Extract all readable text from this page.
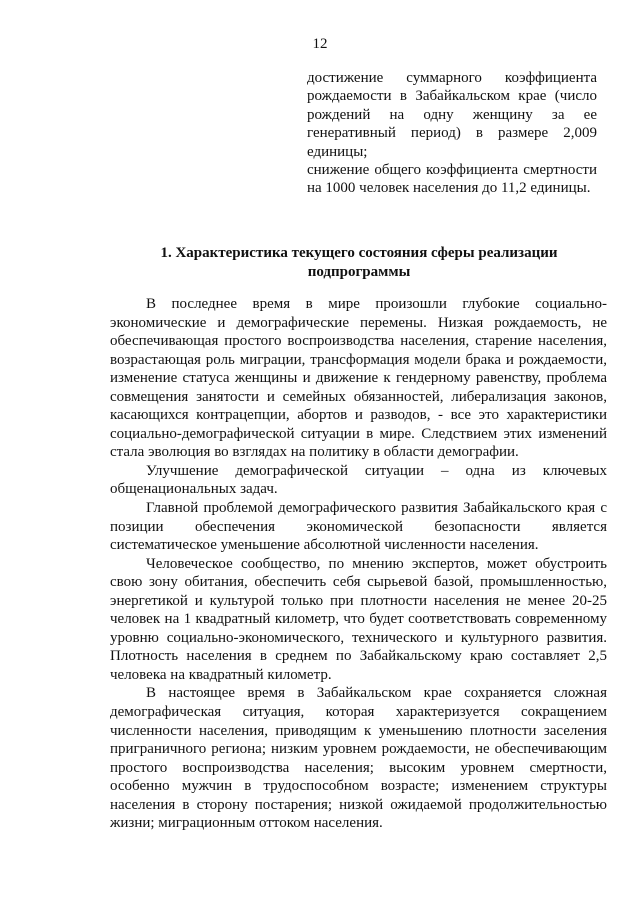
12

достижение суммарного коэффициента рождаемости в Забайкальском крае (число рождений на одну женщину за ее генеративный период) в размере 2,009 единицы;

снижение общего коэффициента смертности на 1000 человек населения до 11,2 единицы.

1. Характеристика текущего состояния сферы реализации подпрограммы

В последнее время в мире произошли глубокие социально-экономические и демографические перемены. Низкая рождаемость, не обеспечивающая простого воспроизводства населения, старение населения, возрастающая роль миграции, трансформация модели брака и рождаемости, изменение статуса женщины и движение к гендерному равенству, проблема совмещения занятости и семейных обязанностей, либерализация законов, касающихся контрацепции, абортов и разводов, - все это характеристики социально-демографической ситуации в мире. Следствием этих изменений стала эволюция во взглядах на политику в области демографии.

Улучшение демографической ситуации – одна из ключевых общенациональных задач.

Главной проблемой демографического развития Забайкальского края с позиции обеспечения экономической безопасности является систематическое уменьшение абсолютной численности населения.

Человеческое сообщество, по мнению экспертов, может обустроить свою зону обитания, обеспечить себя сырьевой базой, промышленностью, энергетикой и культурой только при плотности населения не менее 20-25 человек на 1 квадратный километр, что будет соответствовать современному уровню социально-экономического, технического и культурного развития. Плотность населения в среднем по Забайкальскому краю составляет 2,5 человека на квадратный километр.

В настоящее время в Забайкальском крае сохраняется сложная демографическая ситуация, которая характеризуется сокращением численности населения, приводящим к уменьшению плотности заселения приграничного региона; низким уровнем рождаемости, не обеспечивающим простого воспроизводства населения; высоким уровнем смертности, особенно мужчин в трудоспособном возрасте; изменением структуры населения в сторону постарения; низкой ожидаемой продолжительностью жизни; миграционным оттоком населения.
